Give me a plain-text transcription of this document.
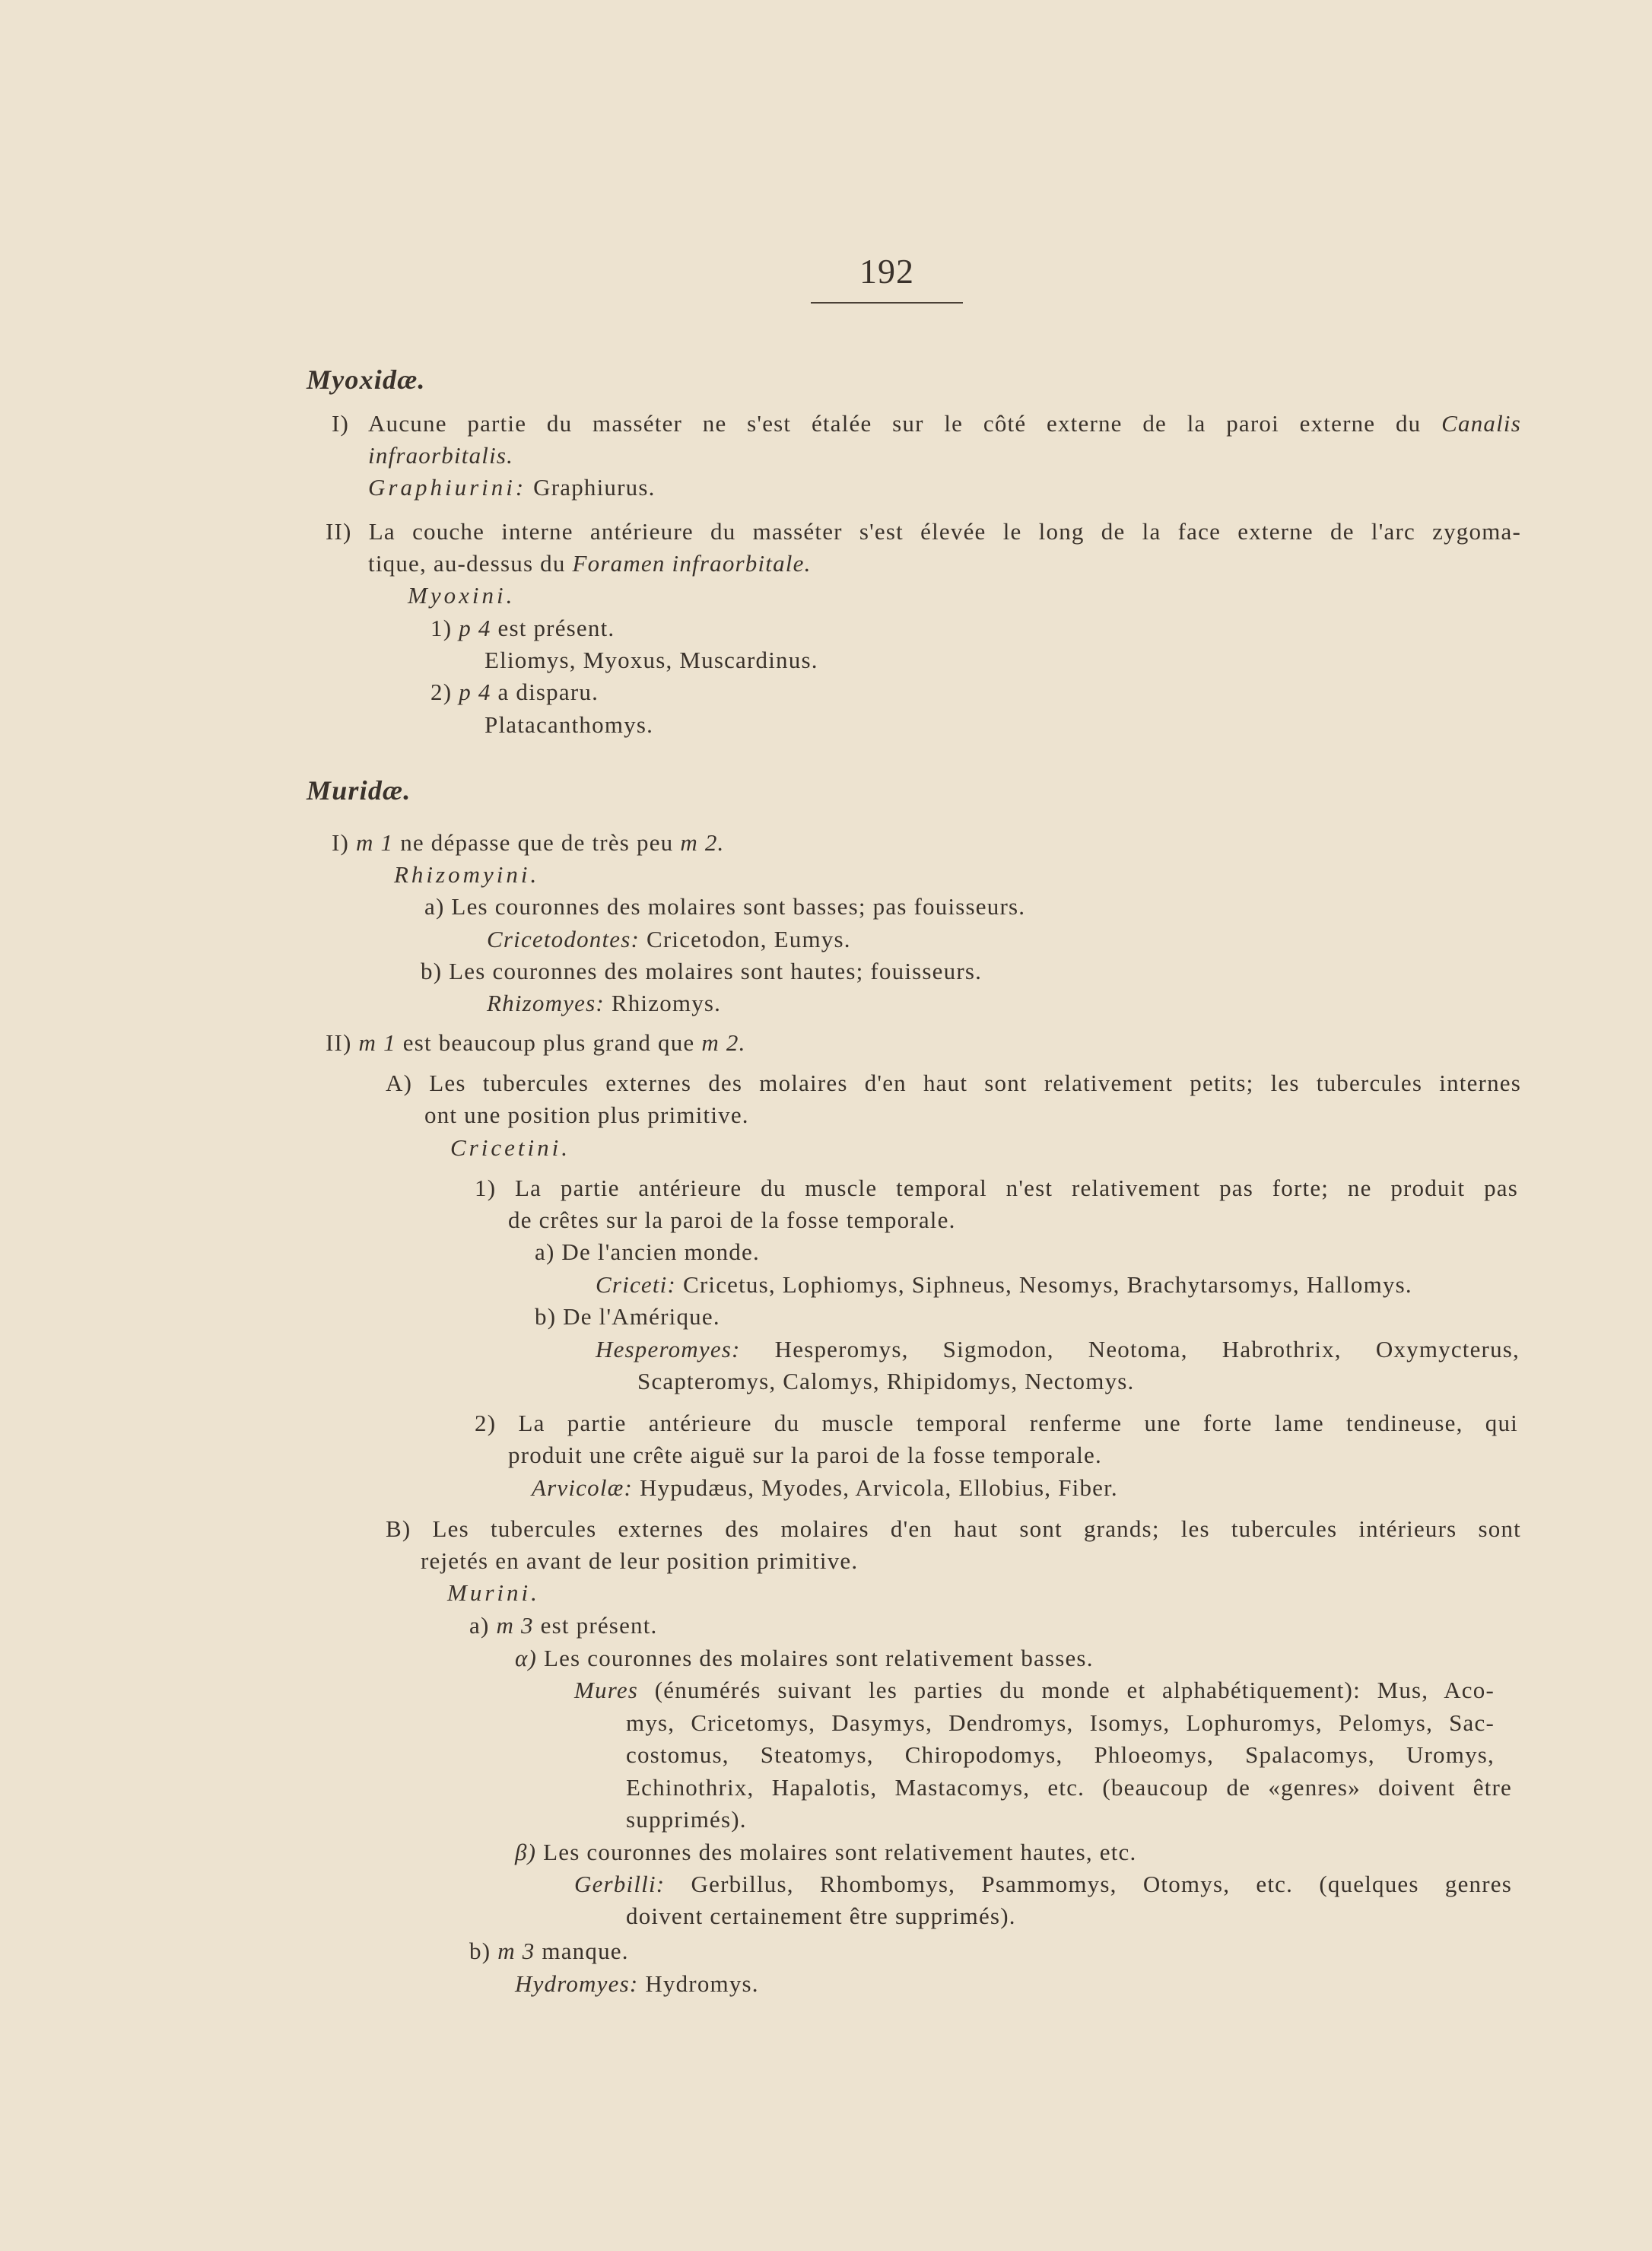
192
Myoxidæ.
I) Aucune partie du masséter ne s'est étalée sur le côté externe de la paroi externe du Canalis
infraorbitalis.
Graphiurini: Graphiurus.
II) La couche interne antérieure du masséter s'est élevée le long de la face externe de l'arc zygoma-
tique, au-dessus du Foramen infraorbitale.
Myoxini.
1) p 4 est présent.
Eliomys, Myoxus, Muscardinus.
2) p 4 a disparu.
Platacanthomys.
Muridæ.
I) m 1 ne dépasse que de très peu m 2.
Rhizomyini.
a) Les couronnes des molaires sont basses; pas fouisseurs.
Cricetodontes: Cricetodon, Eumys.
b) Les couronnes des molaires sont hautes; fouisseurs.
Rhizomyes: Rhizomys.
II) m 1 est beaucoup plus grand que m 2.
A) Les tubercules externes des molaires d'en haut sont relativement petits; les tubercules internes
ont une position plus primitive.
Cricetini.
1) La partie antérieure du muscle temporal n'est relativement pas forte; ne produit pas
de crêtes sur la paroi de la fosse temporale.
a) De l'ancien monde.
Criceti: Cricetus, Lophiomys, Siphneus, Nesomys, Brachytarsomys, Hallomys.
b) De l'Amérique.
Hesperomyes: Hesperomys, Sigmodon, Neotoma, Habrothrix, Oxymycterus,
Scapteromys, Calomys, Rhipidomys, Nectomys.
2) La partie antérieure du muscle temporal renferme une forte lame tendineuse, qui
produit une crête aiguë sur la paroi de la fosse temporale.
Arvicolæ: Hypudæus, Myodes, Arvicola, Ellobius, Fiber.
B) Les tubercules externes des molaires d'en haut sont grands; les tubercules intérieurs sont
rejetés en avant de leur position primitive.
Murini.
a) m 3 est présent.
α) Les couronnes des molaires sont relativement basses.
Mures (énumérés suivant les parties du monde et alphabétiquement): Mus, Aco-
mys, Cricetomys, Dasymys, Dendromys, Isomys, Lophuromys, Pelomys, Sac-
costomus, Steatomys, Chiropodomys, Phloeomys, Spalacomys, Uromys,
Echinothrix, Hapalotis, Mastacomys, etc. (beaucoup de «genres» doivent être
supprimés).
β) Les couronnes des molaires sont relativement hautes, etc.
Gerbilli: Gerbillus, Rhombomys, Psammomys, Otomys, etc. (quelques genres
doivent certainement être supprimés).
b) m 3 manque.
Hydromyes: Hydromys.
